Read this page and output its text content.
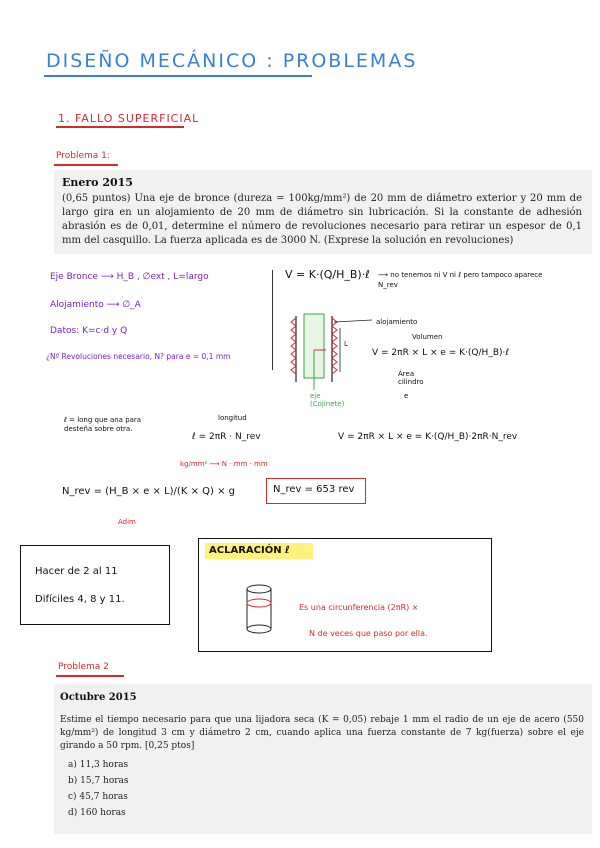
DISEÑO MECÁNICO : PROBLEMAS
1. FALLO SUPERFICIAL
Problema 1:
Enero 2015
(0,65 puntos) Una eje de bronce (dureza = 100kg/mm²) de 20 mm de diámetro exterior y 20 mm de largo gira en un alojamiento de 20 mm de diámetro sin lubricación. Si la constante de adhesión abrasión es de 0,01, determine el número de revoluciones necesario para retirar un espesor de 0,1 mm del casquillo. La fuerza aplicada es de 3000 N. (Exprese la solución en revoluciones)
Eje Bronce ⟶ H_B , ∅ext , L=largo
Alojamiento ⟶ ∅_A
Datos: K=c·d y Q
¿Nº Revoluciones necesario, N? para e = 0,1 mm
V = K·(Q/H_B)·ℓ ⟶ no tenemos ni V ni ℓ pero tampoco aparece N_rev
alojamiento
L
eje (Cojinete)
Volumen
V = 2πR × L × e = K·(Q/H_B)·ℓ
Área cilindro
e
ℓ = long que ana para desteña sobre otra.
longitud
ℓ = 2πR · N_rev	V = 2πR × L × e = K·(Q/H_B)·2πR·N_rev
kg/mm² ⟶ N · mm · mm
N_rev = (H_B × e × L)/(K × Q) × g
Adim
N_rev = 653 rev
Hacer de 2 al 11
Difíciles 4, 8 y 11.
ACLARACIÓN ℓ
Es una circunferencia (2πR) ×
N de veces que paso por ella.
Problema 2
Octubre 2015
Estime el tiempo necesario para que una lijadora seca (K = 0,05) rebaje 1 mm el radio de un eje de acero (550 kg/mm²) de longitud 3 cm y diámetro 2 cm, cuando aplica una fuerza constante de 7 kg(fuerza) sobre el eje girando a 50 rpm. [0,25 ptos]
a) 11,3 horas
b) 15,7 horas
c) 45,7 horas
d) 160 horas
